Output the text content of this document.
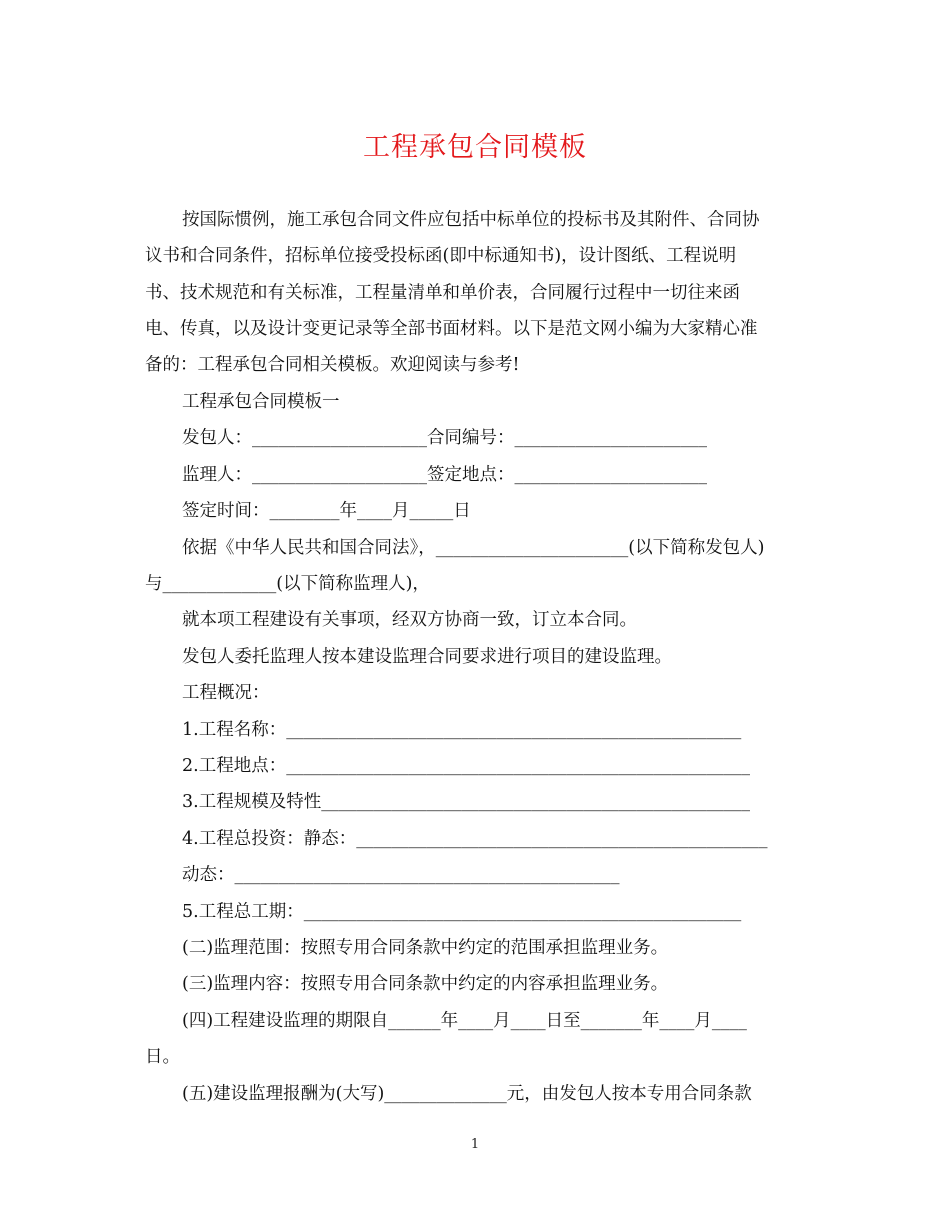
工程承包合同模板
按国际惯例，施工承包合同文件应包括中标单位的投标书及其附件、合同协
议书和合同条件，招标单位接受投标函(即中标通知书)，设计图纸、工程说明
书、技术规范和有关标准，工程量清单和单价表，合同履行过程中一切往来函
电、传真，以及设计变更记录等全部书面材料。以下是范文网小编为大家精心准
备的：工程承包合同相关模板。欢迎阅读与参考!
工程承包合同模板一
发包人：____________________合同编号：______________________
监理人：____________________签定地点：______________________
签定时间：________年____月_____日
依据《中华人民共和国合同法》，______________________(以下简称发包人)
与_____________(以下简称监理人)，
就本项工程建设有关事项，经双方协商一致，订立本合同。
发包人委托监理人按本建设监理合同要求进行项目的建设监理。
工程概况：
1.工程名称：____________________________________________________
2.工程地点：_____________________________________________________
3.工程规模及特性_________________________________________________
4.工程总投资：静态：_______________________________________________
动态：____________________________________________
5.工程总工期：__________________________________________________
(二)监理范围：按照专用合同条款中约定的范围承担监理业务。
(三)监理内容：按照专用合同条款中约定的内容承担监理业务。
(四)工程建设监理的期限自______年____月____日至_______年____月____
日。
(五)建设监理报酬为(大写)______________元，由发包人按本专用合同条款
1
